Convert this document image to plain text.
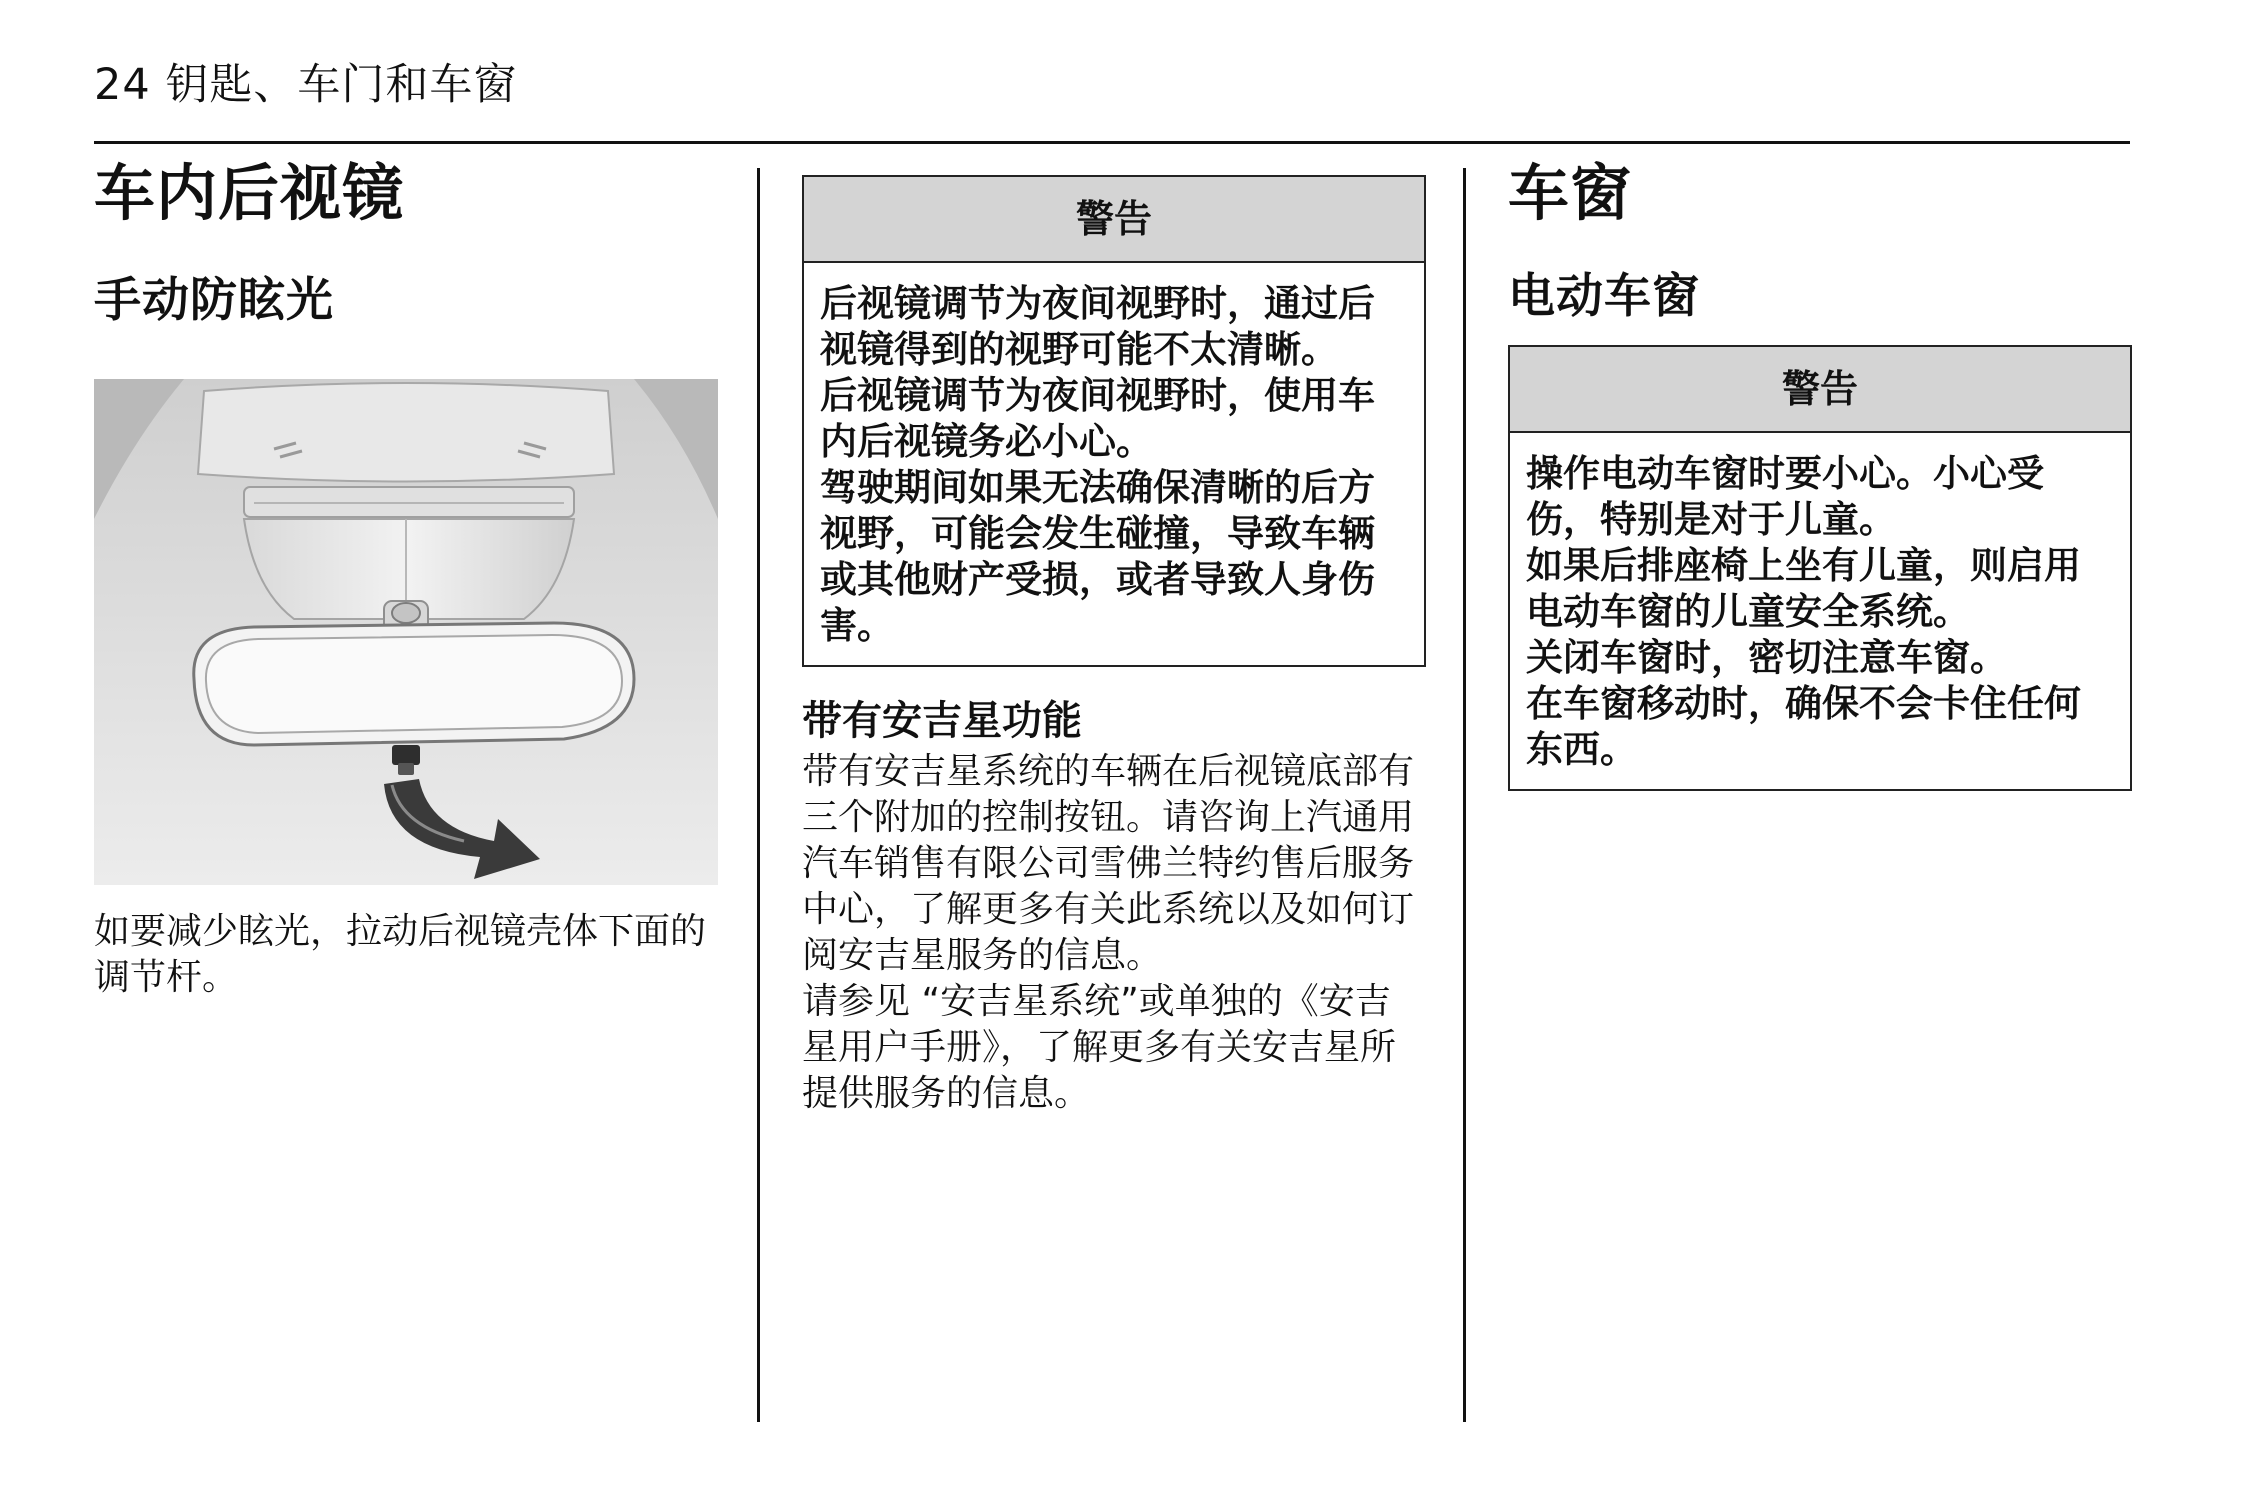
24 钥匙、车门和车窗
车内后视镜
手动防眩光

如要减少眩光，拉动后视镜壳体下面的调节杆。

警告

后视镜调节为夜间视野时，通过后视镜得到的视野可能不太清晰。

后视镜调节为夜间视野时，使用车内后视镜务必小心。

驾驶期间如果无法确保清晰的后方视野，可能会发生碰撞，导致车辆或其他财产受损，或者导致人身伤害。

带有安吉星功能

带有安吉星系统的车辆在后视镜底部有三个附加的控制按钮。请咨询上汽通用汽车销售有限公司雪佛兰特约售后服务中心，了解更多有关此系统以及如何订阅安吉星服务的信息。

请参见 “安吉星系统”或单独的《安吉星用户手册》，了解更多有关安吉星所提供服务的信息。

车窗
电动车窗
警告

操作电动车窗时要小心。小心受伤，特别是对于儿童。

如果后排座椅上坐有儿童，则启用电动车窗的儿童安全系统。

关闭车窗时，密切注意车窗。

在车窗移动时，确保不会卡住任何东西。
